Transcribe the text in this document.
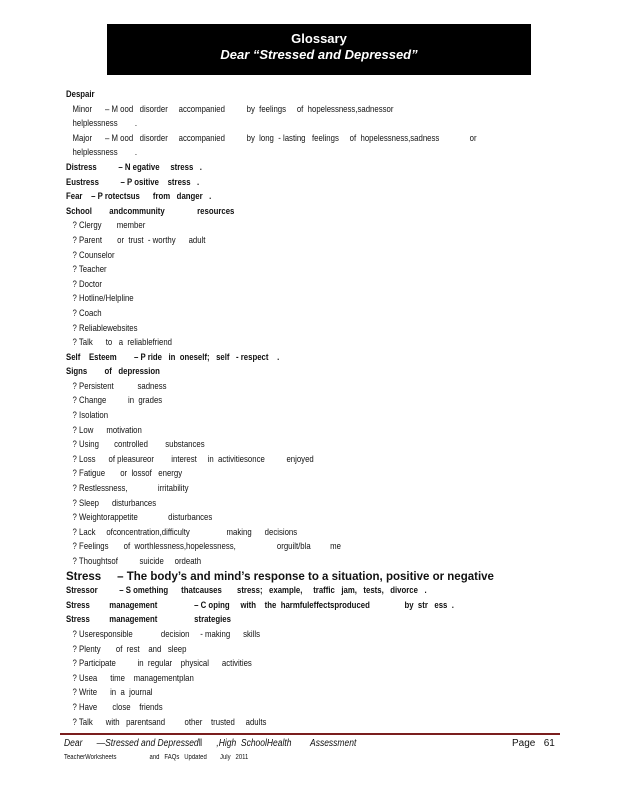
Glossary
Dear “Stressed and Depressed”
Despair
Minor      – M ood   disorder     accompanied          by  feelings     of  hopelessness,sadnessor
helplessness        .
Major      – M ood   disorder     accompanied          by  long  - lasting   feelings     of  hopelessness,sadness              or
helplessness        .
Distress          – N egative     stress   .
Eustress          – P ositive    stress   .
Fear    – P rotectsus      from   danger   .
School        andcommunity               resources
? Clergy       member
? Parent       or  trust  - worthy      adult
? Counselor
? Teacher
? Doctor
? Hotline/Helpline
? Coach
? Reliablewebsites
? Talk      to   a  reliablefriend
Self    Esteem        – P ride   in  oneself;   self   - respect    .
Signs        of   depression
? Persistent           sadness
? Change          in  grades
? Isolation
? Low      motivation
? Using       controlled        substances
? Loss      of pleasureor        interest     in  activitiesonce          enjoyed
? Fatigue       or  lossof   energy
? Restlessness,              irritability
? Sleep      disturbances
? Weightorappetite              disturbances
? Lack     ofconcentration,difficulty                 making      decisions
? Feelings       of  worthlessness,hopelessness,                   orguilt/bla         me
? Thoughtsof          suicide     ordeath
Stress     – The body’s and mind’s response to a situation, positive or negative
Stressor          – S omething      thatcauses       stress;   example,     traffic   jam,   tests,   divorce   .
Stress         management                 – C oping     with    the  harmfuleffectsproduced                by  str   ess  .
Stress         management                 strategies
? Useresponsible             decision     - making      skills
? Plenty       of  rest    and   sleep
? Participate          in  regular    physical      activities
? Usea      time    managementplan
? Write      in  a  journal
? Have       close    friends
? Talk      with   parentsand         other    trusted     adults
Dear      —Stressed and Depressed‖      ,High  SchoolHealth        Assessment	Page   61
TeacherWorksheets                    and   FAQs   Updated        July   2011
